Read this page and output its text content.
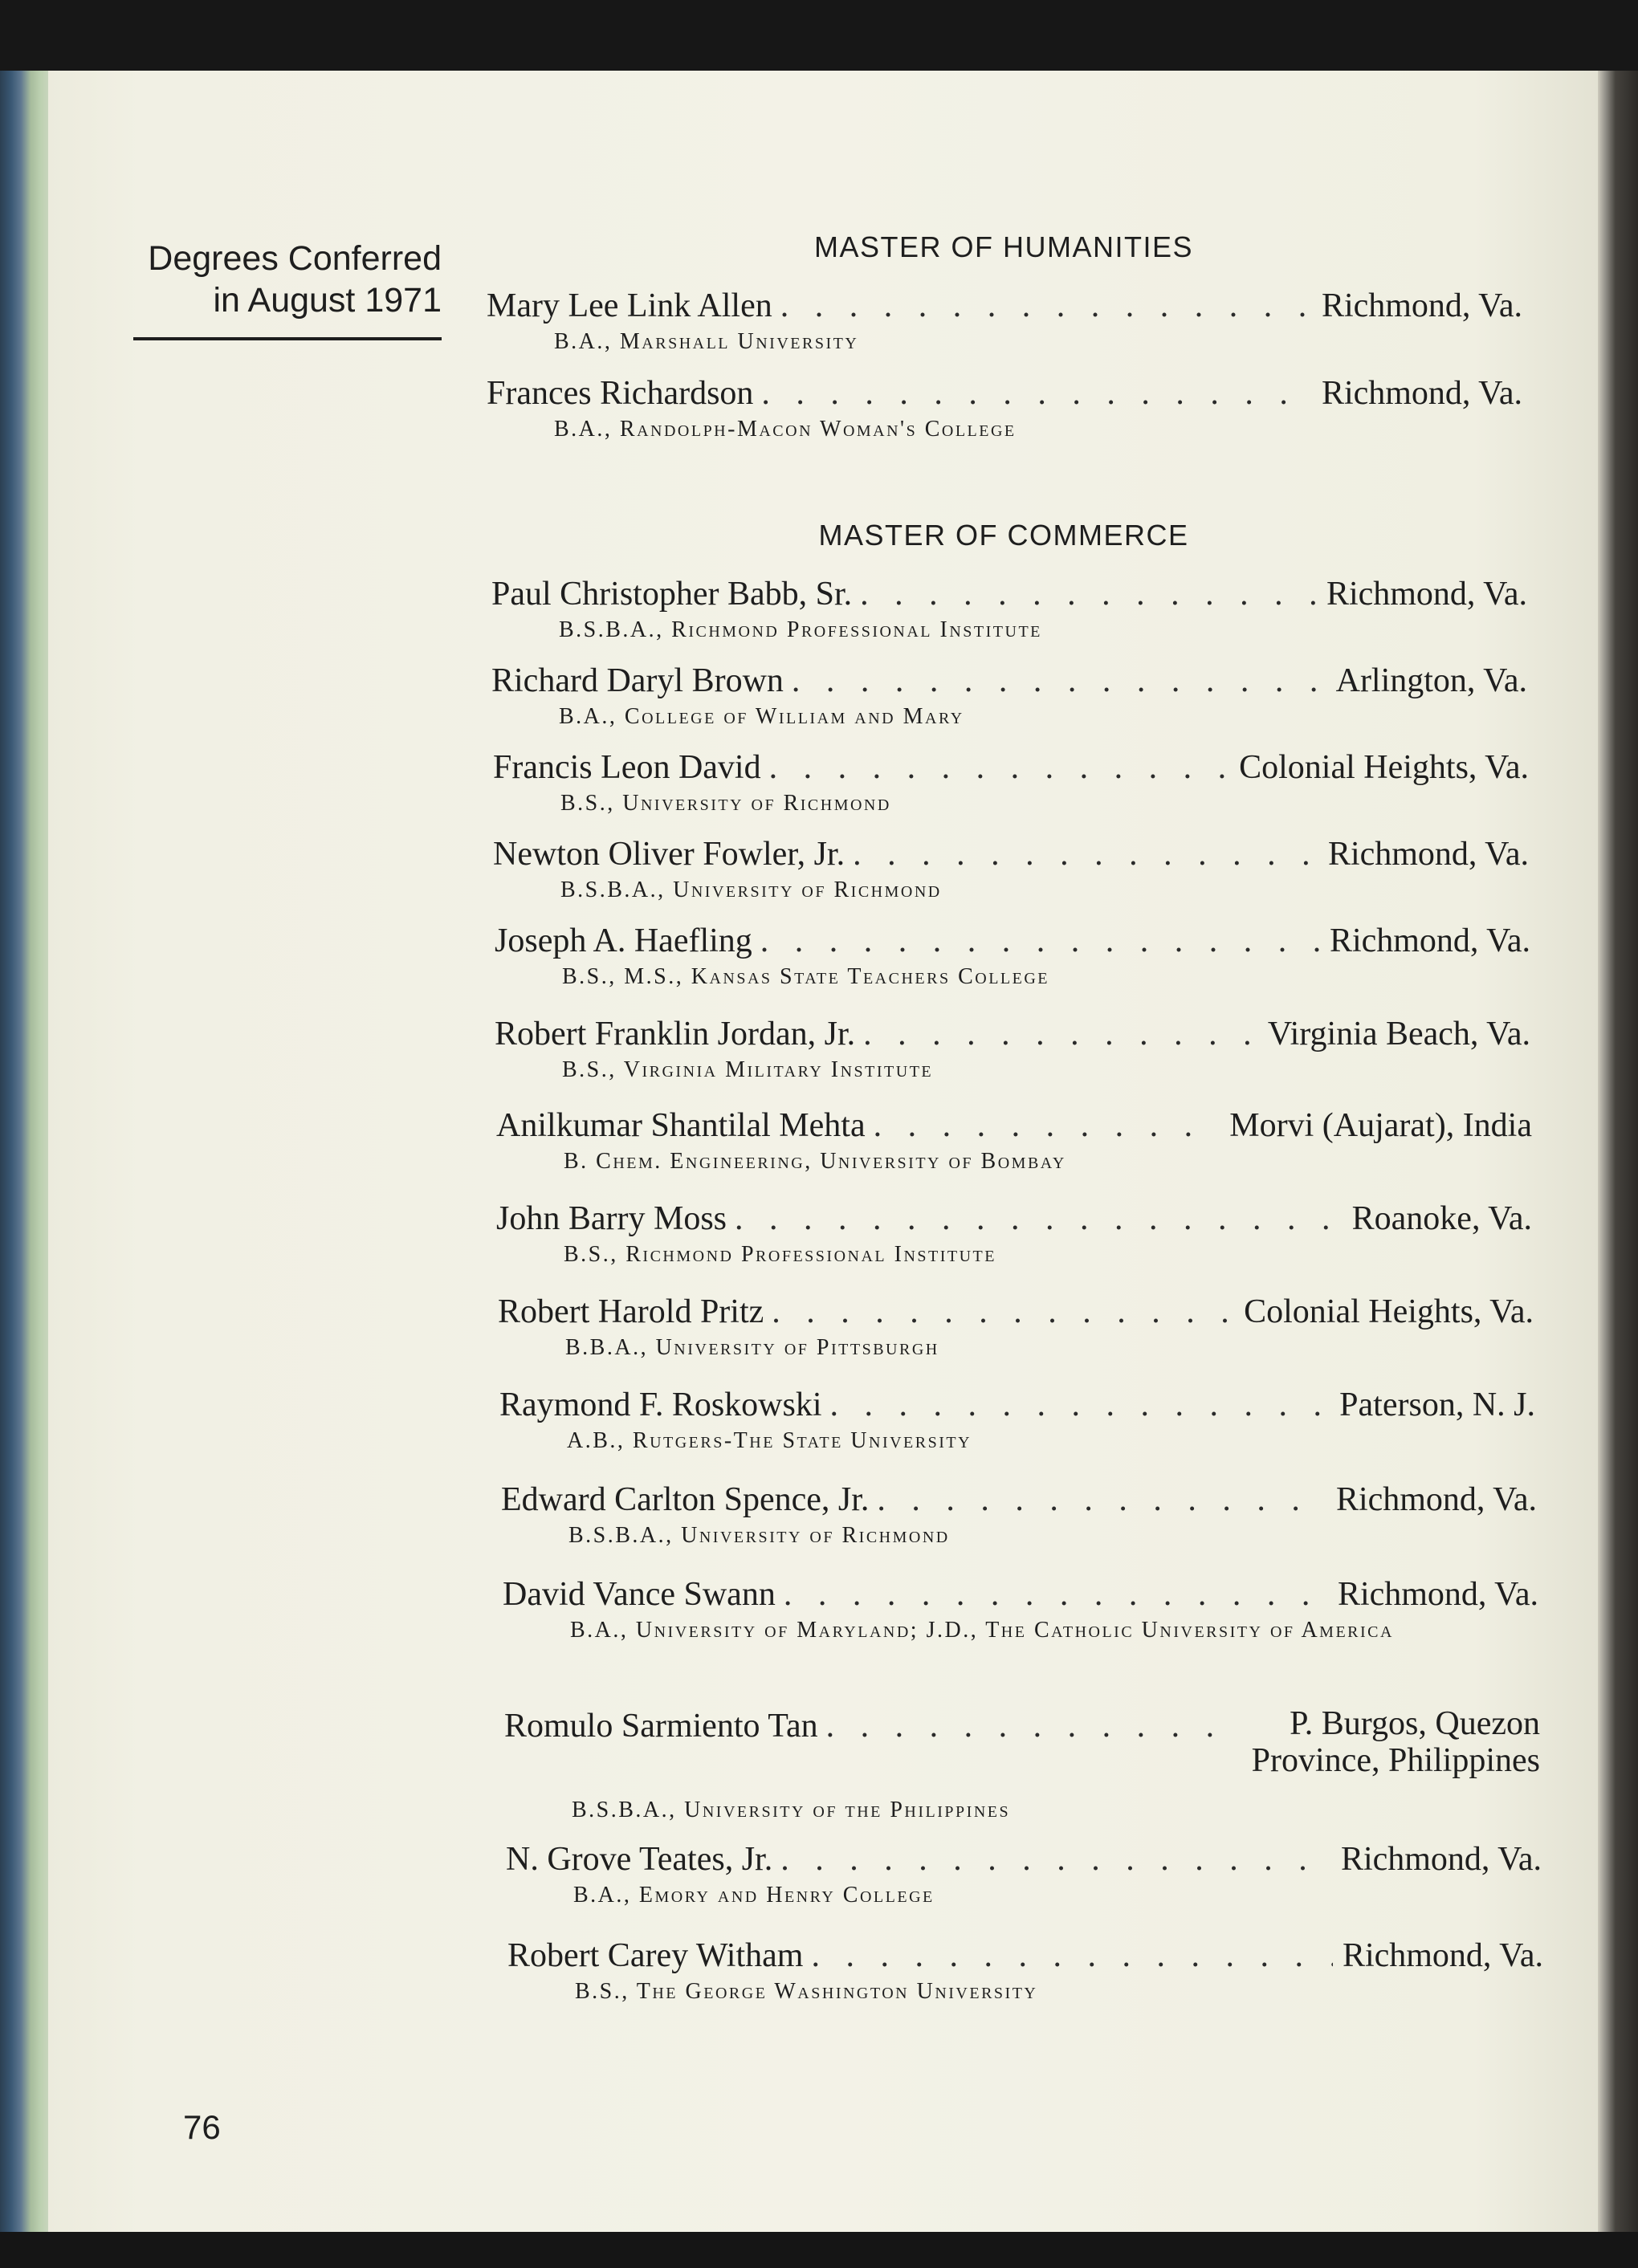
Degrees Conferred
in August 1971
MASTER OF HUMANITIES
Mary Lee Link Allen . . .	Richmond, Va.
B.A., Marshall University
Frances Richardson . . .	Richmond, Va.
B.A., Randolph-Macon Woman's College
MASTER OF COMMERCE
Paul Christopher Babb, Sr. . . .	Richmond, Va.
B.S.B.A., Richmond Professional Institute
Richard Daryl Brown . . .	Arlington, Va.
B.A., College of William and Mary
Francis Leon David . . .	Colonial Heights, Va.
B.S., University of Richmond
Newton Oliver Fowler, Jr. . . .	Richmond, Va.
B.S.B.A., University of Richmond
Joseph A. Haefling . . .	Richmond, Va.
B.S., M.S., Kansas State Teachers College
Robert Franklin Jordan, Jr. . . .	Virginia Beach, Va.
B.S., Virginia Military Institute
Anilkumar Shantilal Mehta . . .	Morvi (Aujarat), India
B. Chem. Engineering, University of Bombay
John Barry Moss . . .	Roanoke, Va.
B.S., Richmond Professional Institute
Robert Harold Pritz . . .	Colonial Heights, Va.
B.B.A., University of Pittsburgh
Raymond F. Roskowski . . .	Paterson, N. J.
A.B., Rutgers-The State University
Edward Carlton Spence, Jr. . . .	Richmond, Va.
B.S.B.A., University of Richmond
David Vance Swann . . .	Richmond, Va.
B.A., University of Maryland; J.D., The Catholic University of America
Romulo Sarmiento Tan . . .	P. Burgos, Quezon
Province, Philippines
B.S.B.A., University of the Philippines
N. Grove Teates, Jr. . . .	Richmond, Va.
B.A., Emory and Henry College
Robert Carey Witham . . .	Richmond, Va.
B.S., The George Washington University
76
